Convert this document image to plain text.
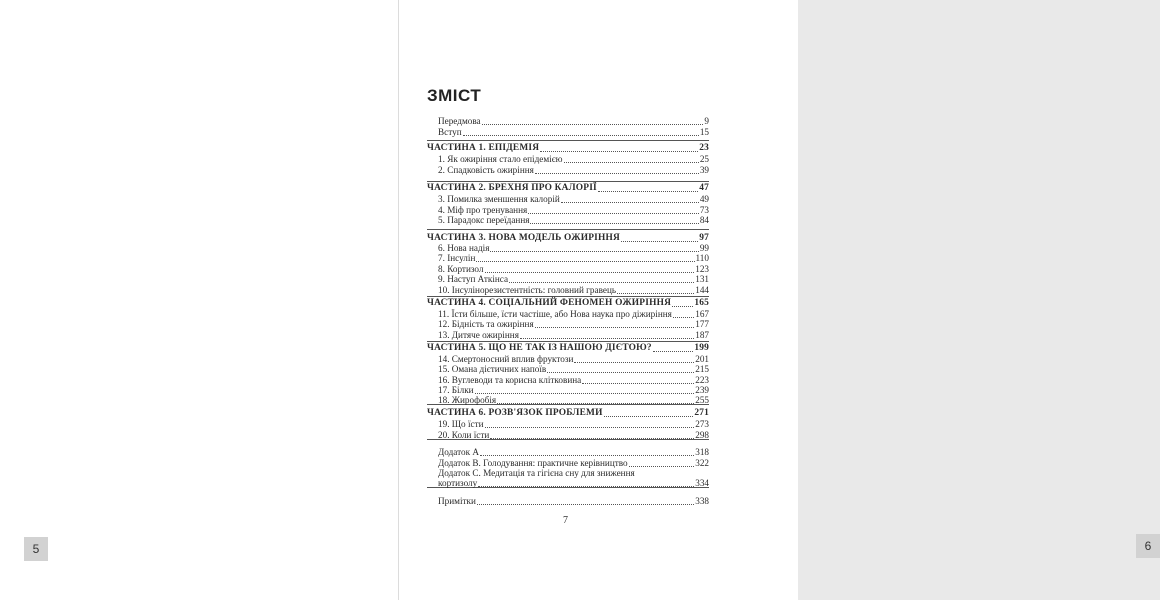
5	6
ЗМІСТ
Передмова	9
Вступ	15
ЧАСТИНА 1. ЕПІДЕМІЯ	23
1. Як ожиріння стало епідемією	25
2. Спадковість ожиріння	39
ЧАСТИНА 2. БРЕХНЯ ПРО КАЛОРІЇ	47
3. Помилка зменшення калорій	49
4. Міф про тренування	73
5. Парадокс переїдання	84
ЧАСТИНА 3. НОВА МОДЕЛЬ ОЖИРІННЯ	97
6. Нова надія	99
7. Інсулін	110
8. Кортизол	123
9. Наступ Аткінса	131
10. Інсулінорезистентність: головний гравець	144
ЧАСТИНА 4. СОЦІАЛЬНИЙ ФЕНОМЕН ОЖИРІННЯ 165
11. Їсти більше, їсти частіше, або Нова наука про діжиріння	167
12. Бідність та ожиріння	177
13. Дитяче ожиріння	187
ЧАСТИНА 5. ЩО НЕ ТАК ІЗ НАШОЮ ДІЄТОЮ?	199
14. Смертоносний вплив фруктози	201
15. Омана дієтичних напоїв	215
16. Вуглеводи та корисна клітковина	223
17. Білки	239
18. Жирофобія	255
ЧАСТИНА 6. РОЗВ'ЯЗОК ПРОБЛЕМИ	271
19. Що їсти	273
20. Коли їсти	298
Додаток А	318
Додаток В. Голодування: практичне керівництво	322
Додаток С. Медитація та гігієна сну для зниження
кортизолу	334
Примітки	338
7
